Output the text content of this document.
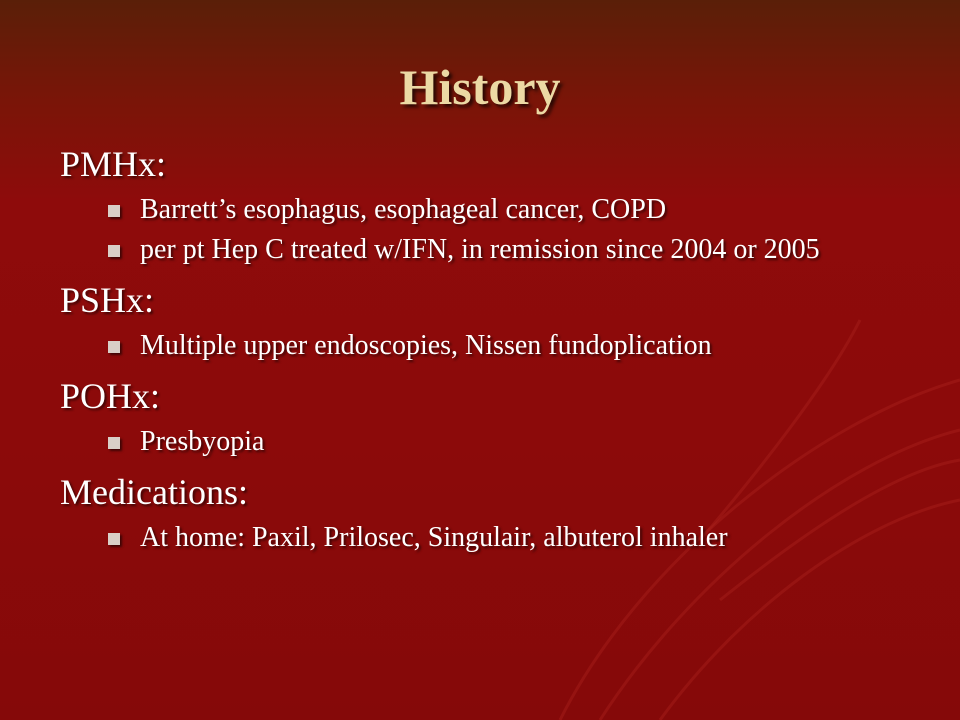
History
PMHx:
Barrett’s esophagus, esophageal cancer, COPD
per pt Hep C treated w/IFN, in remission since 2004 or 2005
PSHx:
Multiple upper endoscopies, Nissen fundoplication
POHx:
Presbyopia
Medications:
At home: Paxil, Prilosec, Singulair, albuterol inhaler
